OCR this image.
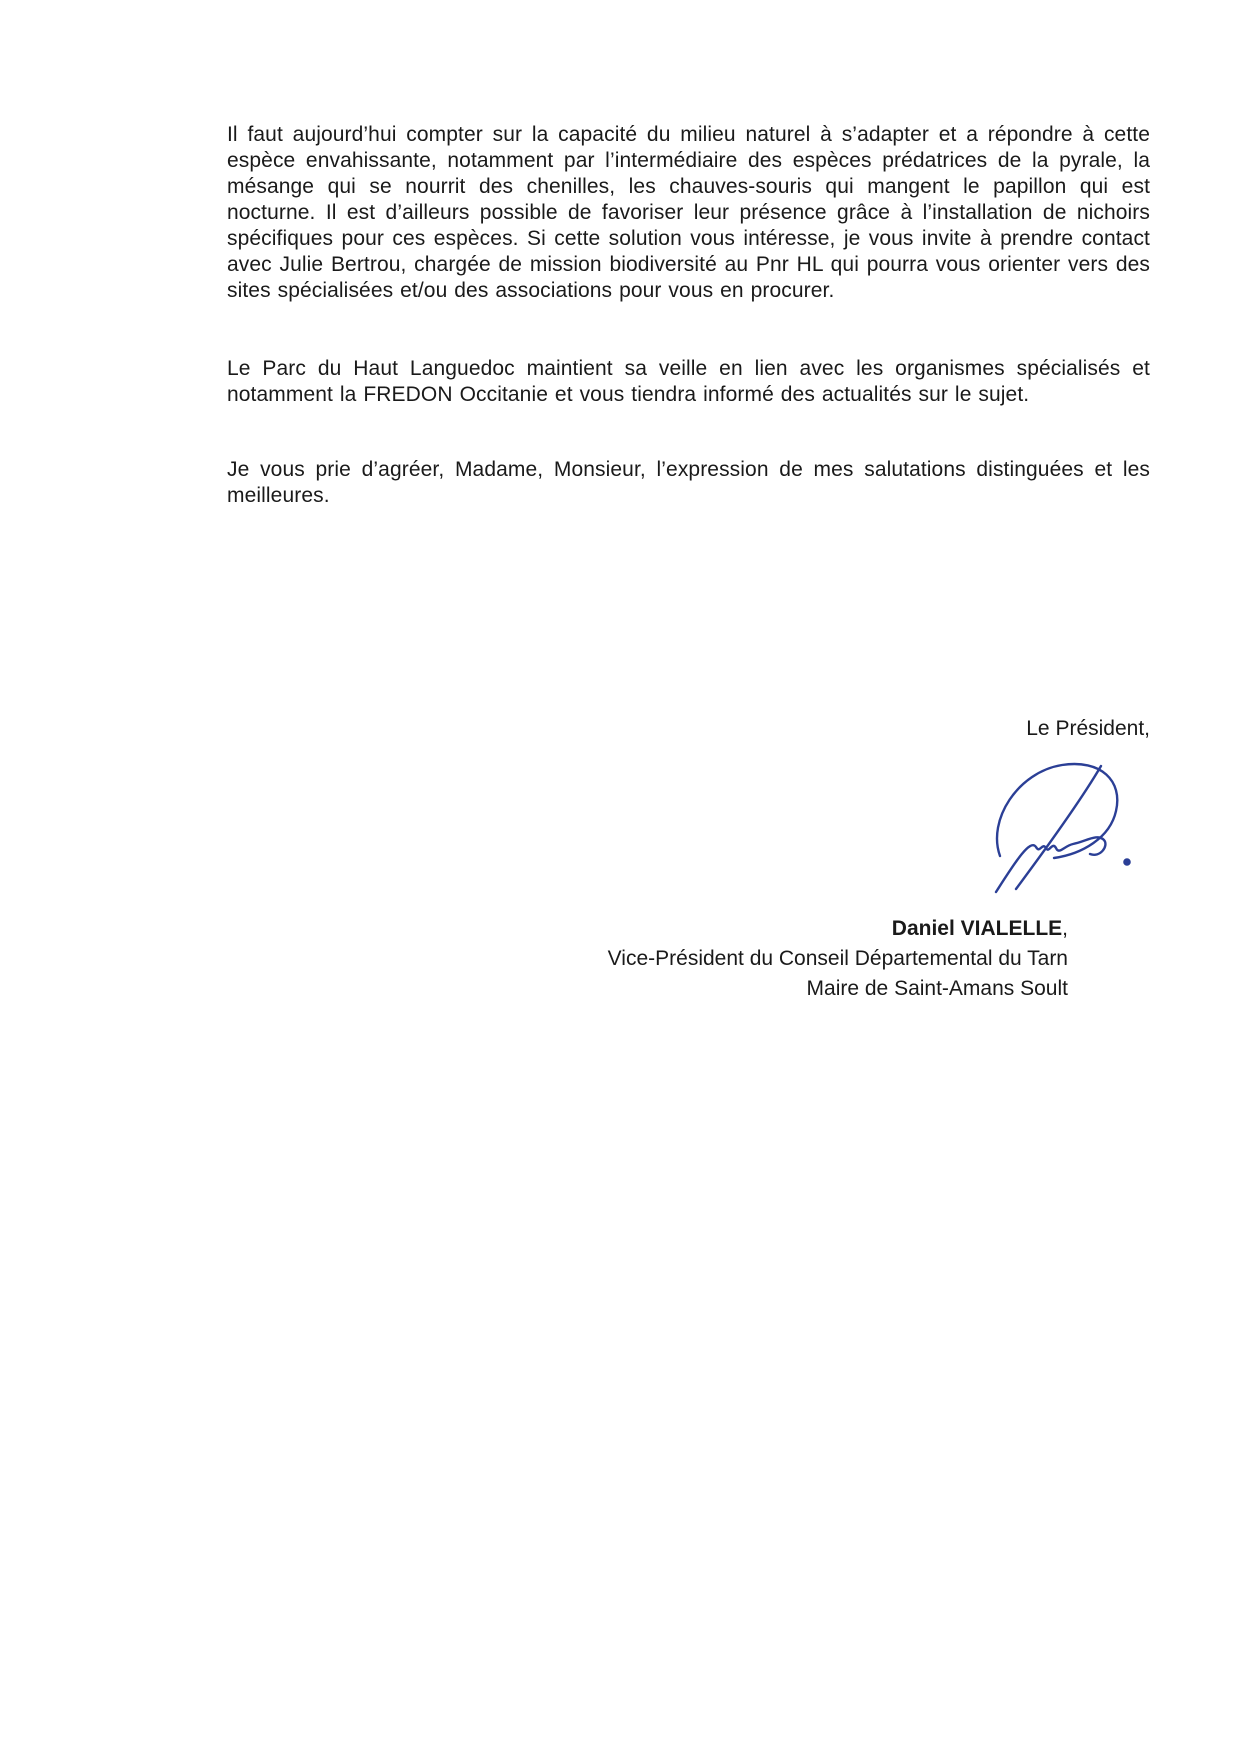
Il faut aujourd’hui compter sur la capacité du milieu naturel à s’adapter et a répondre à cette espèce envahissante, notamment par l’intermédiaire des espèces prédatrices de la pyrale, la mésange qui se nourrit des chenilles, les chauves-souris qui mangent le papillon qui est nocturne. Il est d’ailleurs possible de favoriser leur présence grâce à l’installation de nichoirs spécifiques pour ces espèces. Si cette solution vous intéresse, je vous invite à prendre contact avec Julie Bertrou, chargée de mission biodiversité au Pnr HL qui pourra vous orienter vers des sites spécialisées et/ou des associations pour vous en procurer.

Le Parc du Haut Languedoc maintient sa veille en lien avec les organismes spécialisés et notamment la FREDON Occitanie et vous tiendra informé des actualités sur le sujet.

Je vous prie d’agréer, Madame, Monsieur, l’expression de mes salutations distinguées et les meilleures.

Le Président,
Daniel VIALELLE,
Vice-Président du Conseil Départemental du Tarn
Maire de Saint-Amans Soult
